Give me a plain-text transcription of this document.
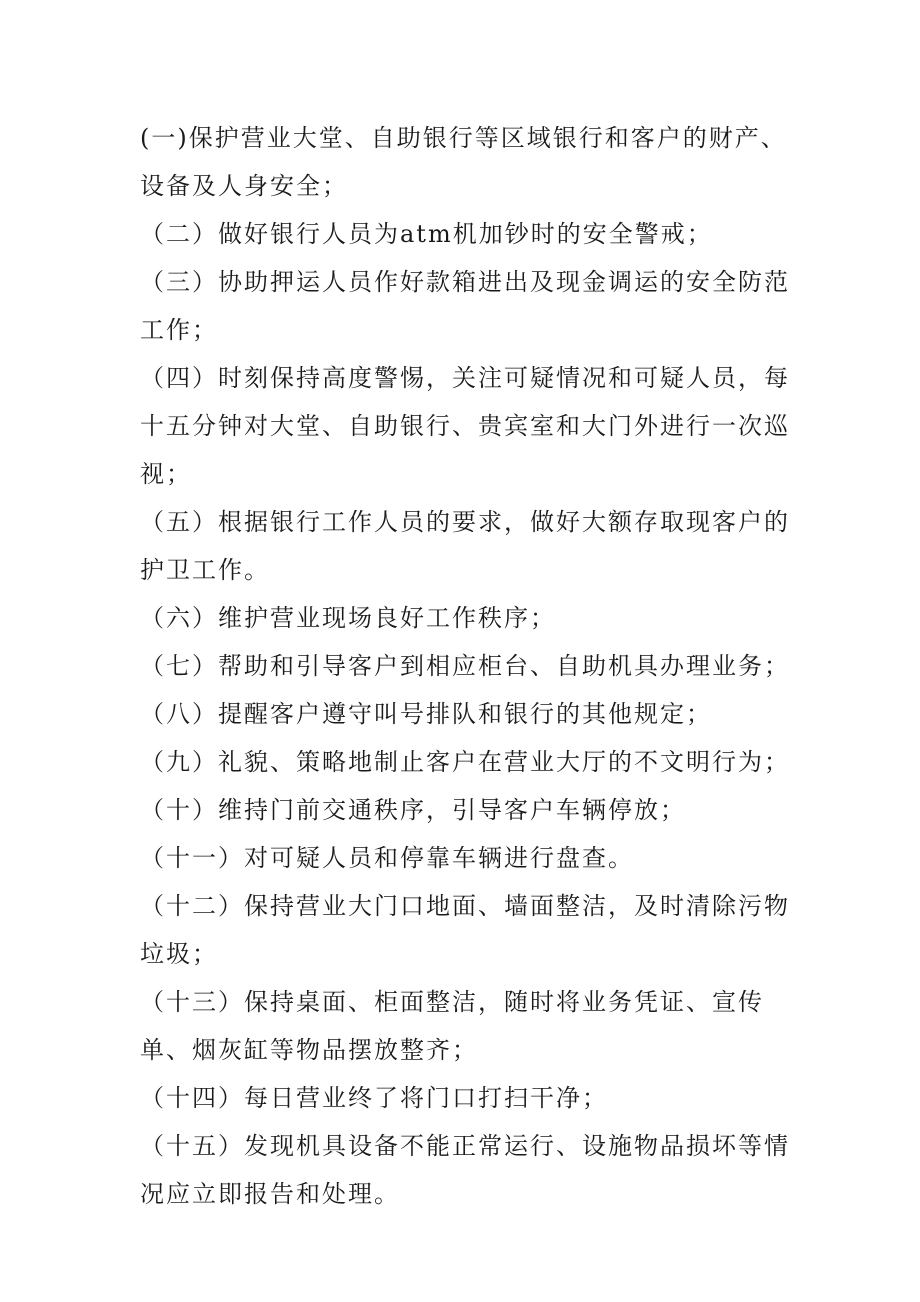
(一)保护营业大堂、自助银行等区域银行和客户的财产、设备及人身安全；

（二）做好银行人员为atm机加钞时的安全警戒；

（三）协助押运人员作好款箱进出及现金调运的安全防范工作；

（四）时刻保持高度警惕，关注可疑情况和可疑人员，每十五分钟对大堂、自助银行、贵宾室和大门外进行一次巡视；

（五）根据银行工作人员的要求，做好大额存取现客户的护卫工作。

（六）维护营业现场良好工作秩序；

（七）帮助和引导客户到相应柜台、自助机具办理业务；

（八）提醒客户遵守叫号排队和银行的其他规定；

（九）礼貌、策略地制止客户在营业大厅的不文明行为；

（十）维持门前交通秩序，引导客户车辆停放；

（十一）对可疑人员和停靠车辆进行盘查。

（十二）保持营业大门口地面、墙面整洁，及时清除污物垃圾；

（十三）保持桌面、柜面整洁，随时将业务凭证、宣传单、烟灰缸等物品摆放整齐；

（十四）每日营业终了将门口打扫干净；

（十五）发现机具设备不能正常运行、设施物品损坏等情况应立即报告和处理。
